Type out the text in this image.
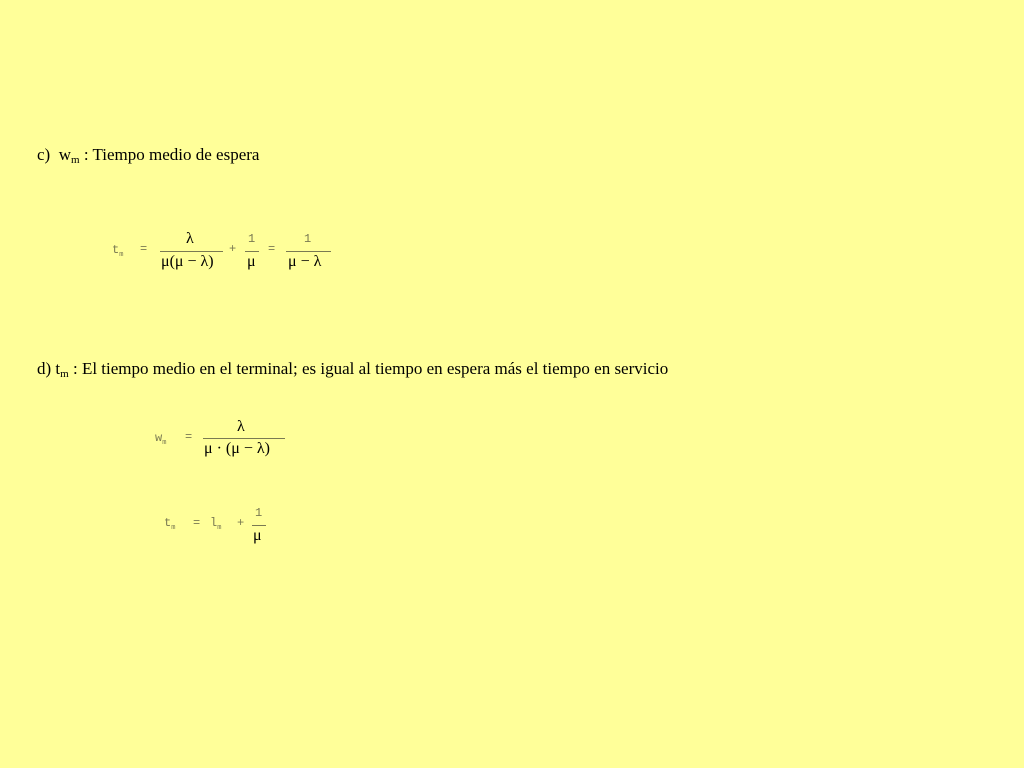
c) $w_m$ : Tiempo medio de espera
$t_m$ =
λ
μ(μ − λ)
+
1
μ
=
1
μ − λ
d) $t_m$ : El tiempo medio en el terminal; es igual al tiempo en espera más el tiempo en servicio
$w_m$ =
λ
μ · (μ − λ)
$t_m = l_m$ +
1
μ
